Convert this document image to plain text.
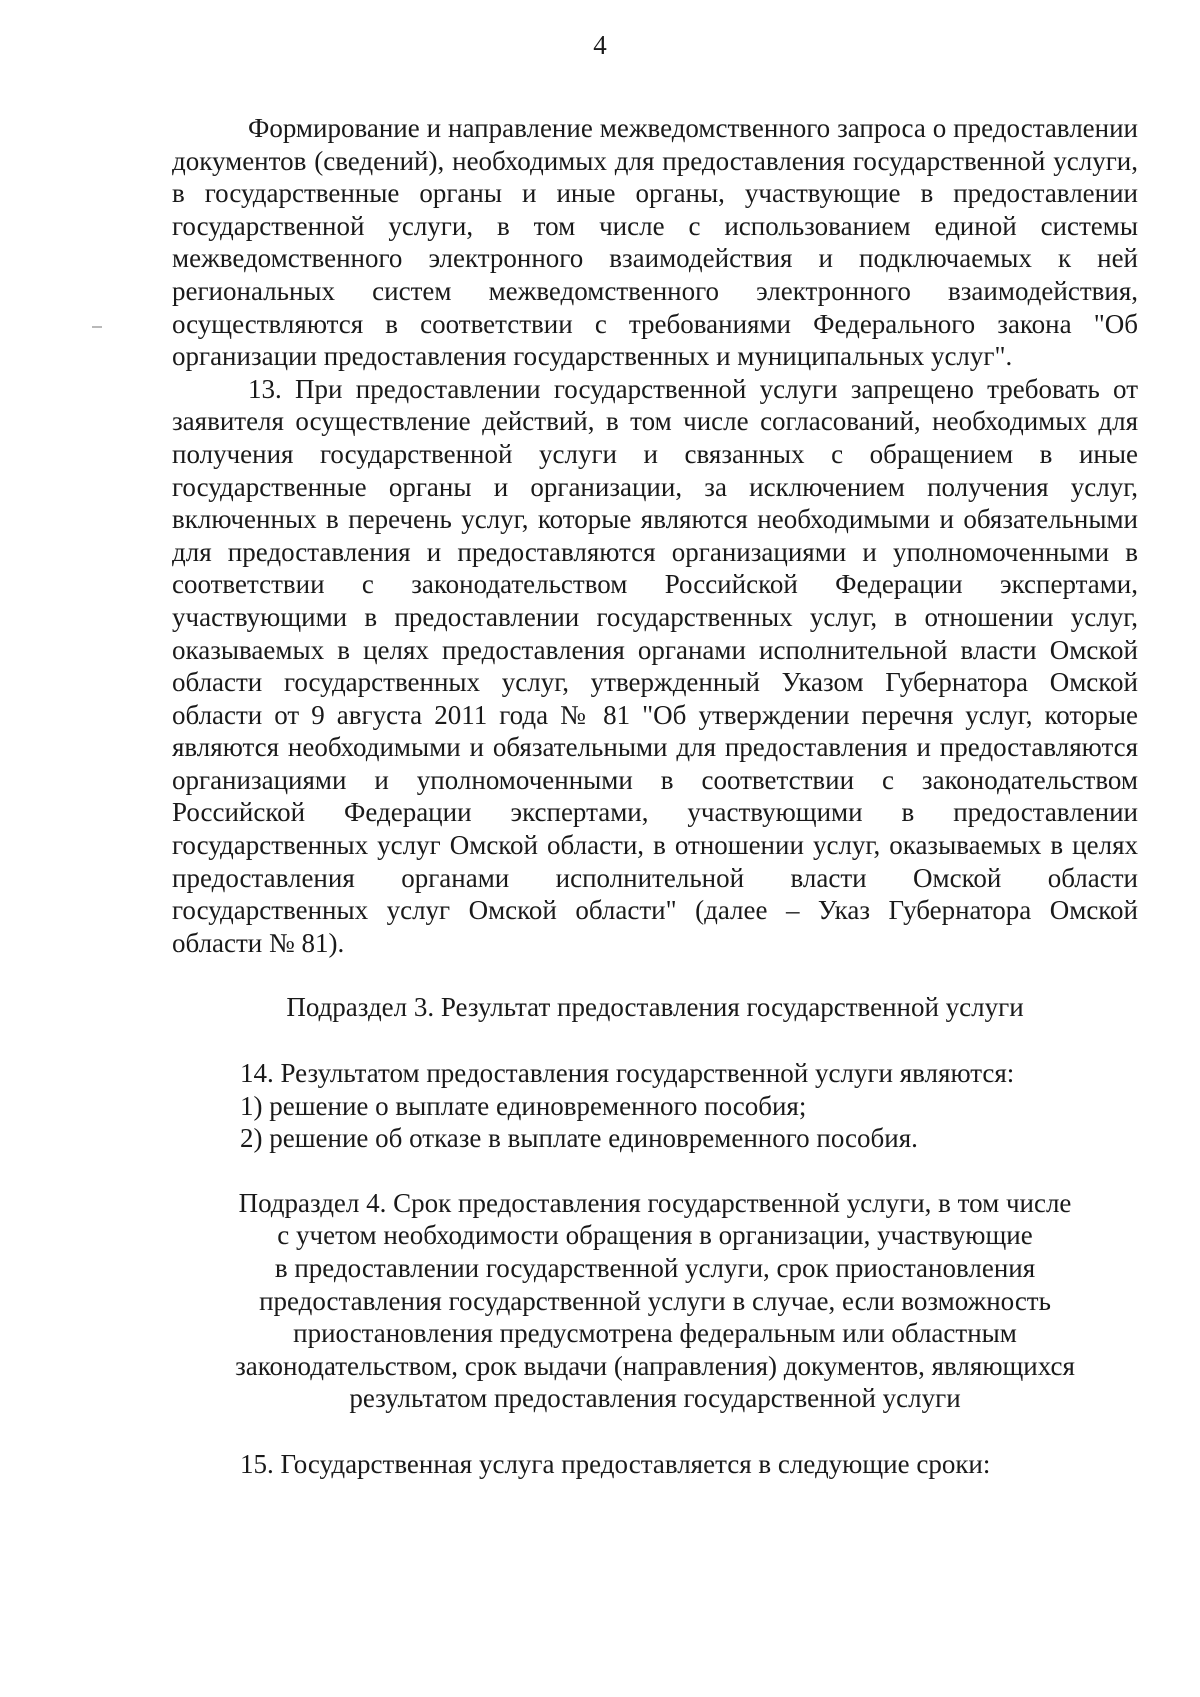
4

Формирование и направление межведомственного запроса о предоставлении документов (сведений), необходимых для предоставления государственной услуги, в государственные органы и иные органы, участвующие в предоставлении государственной услуги, в том числе с использованием единой системы межведомственного электронного взаимодействия и подключаемых к ней региональных систем межведомственного электронного взаимодействия, осуществляются в соответствии с требованиями Федерального закона "Об организации предоставления государственных и муниципальных услуг".

13. При предоставлении государственной услуги запрещено требовать от заявителя осуществление действий, в том числе согласований, необходимых для получения государственной услуги и связанных с обращением в иные государственные органы и организации, за исключением получения услуг, включенных в перечень услуг, которые являются необходимыми и обязательными для предоставления и предоставляются организациями и уполномоченными в соответствии с законодательством Российской Федерации экспертами, участвующими в предоставлении государственных услуг, в отношении услуг, оказываемых в целях предоставления органами исполнительной власти Омской области государственных услуг, утвержденный Указом Губернатора Омской области от 9 августа 2011 года № 81 "Об утверждении перечня услуг, которые являются необходимыми и обязательными для предоставления и предоставляются организациями и уполномоченными в соответствии с законодательством Российской Федерации экспертами, участвующими в предоставлении государственных услуг Омской области, в отношении услуг, оказываемых в целях предоставления органами исполнительной власти Омской области государственных услуг Омской области" (далее – Указ Губернатора Омской области № 81).

Подраздел 3. Результат предоставления государственной услуги

14. Результатом предоставления государственной услуги являются:

1) решение о выплате единовременного пособия;

2) решение об отказе в выплате единовременного пособия.

Подраздел 4. Срок предоставления государственной услуги, в том числе

с учетом необходимости обращения в организации, участвующие

в предоставлении государственной услуги, срок приостановления

предоставления государственной услуги в случае, если возможность

приостановления предусмотрена федеральным или областным

законодательством, срок выдачи (направления) документов, являющихся

результатом предоставления государственной услуги

15. Государственная услуга предоставляется в следующие сроки:
